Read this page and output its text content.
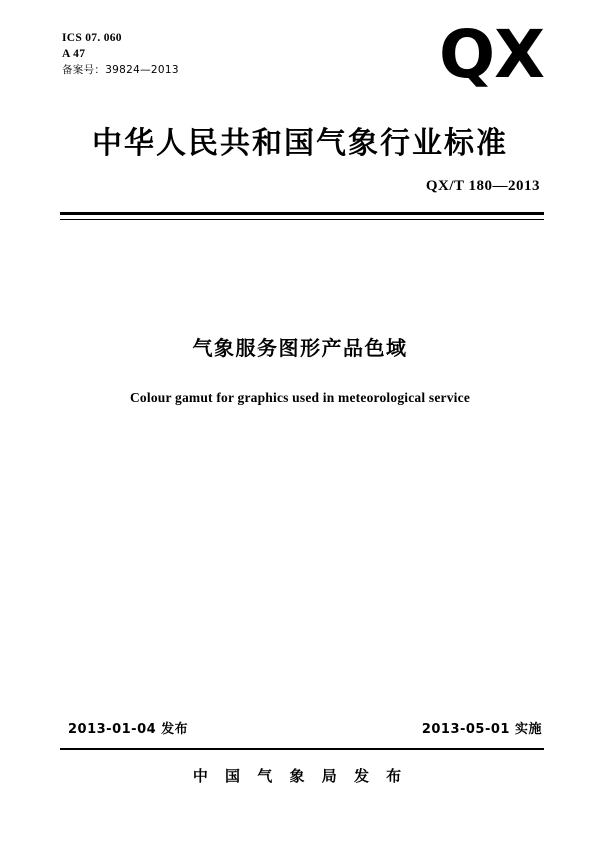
ICS 07. 060
A 47
备案号：39824—2013	QX
中华人民共和国气象行业标准
QX/T 180—2013
气象服务图形产品色域
Colour gamut for graphics used in meteorological service
2013-01-04 发布	2013-05-01 实施
中 国 气 象 局 发 布
